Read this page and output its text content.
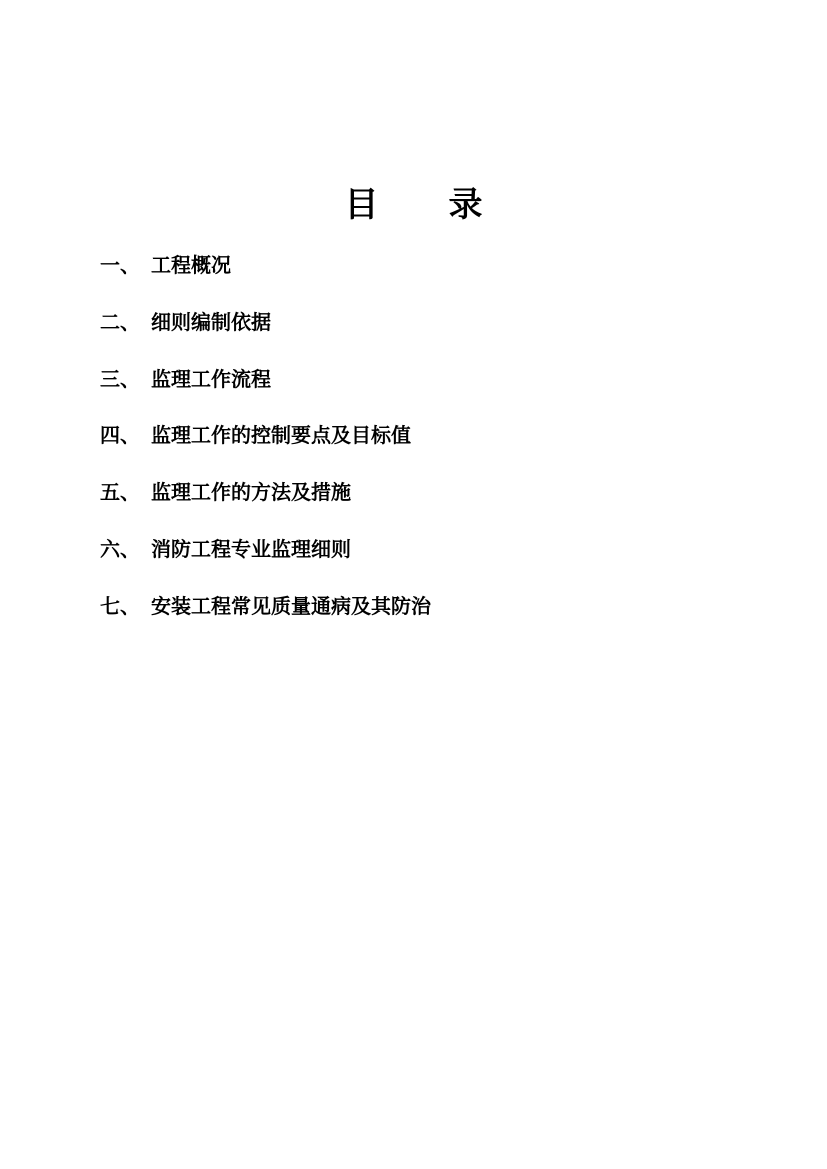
目 录
一、 工程概况
二、 细则编制依据
三、 监理工作流程
四、 监理工作的控制要点及目标值
五、 监理工作的方法及措施
六、 消防工程专业监理细则
七、 安装工程常见质量通病及其防治
